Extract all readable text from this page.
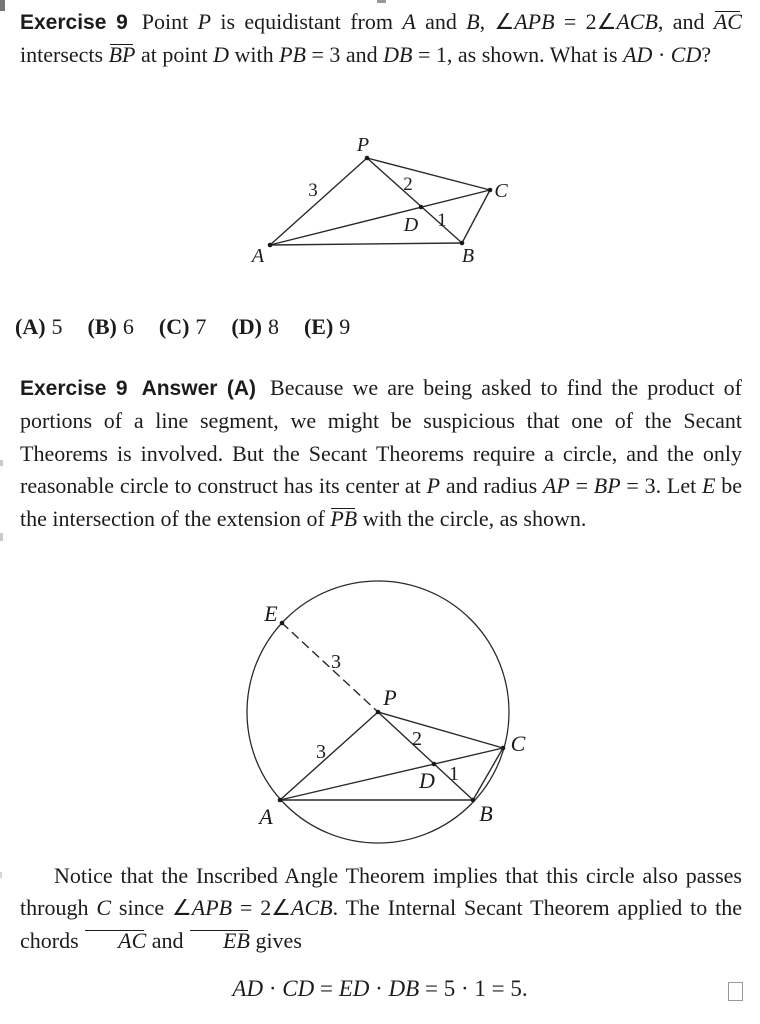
Exercise 9 Point P is equidistant from A and B, ∠APB = 2∠ACB, and AC intersects BP at point D with PB = 3 and DB = 1, as shown. What is AD · CD?
P
A	B
C
D
3	2
1
(A) 5 (B) 6 (C) 7 (D) 8 (E) 9
Exercise 9 Answer (A) Because we are being asked to find the product of portions of a line segment, we might be suspicious that one of the Secant Theorems is involved. But the Secant Theorems require a circle, and the only reasonable circle to construct has its center at P and radius AP = BP = 3. Let E be the intersection of the extension of PB with the circle, as shown.
E
P
A	B
C
D
3
3
2
1
Notice that the Inscribed Angle Theorem implies that this circle also passes through C since ∠APB = 2∠ACB. The Internal Secant Theorem applied to the chords AC and EB gives
AD · CD = ED · DB = 5 · 1 = 5.
